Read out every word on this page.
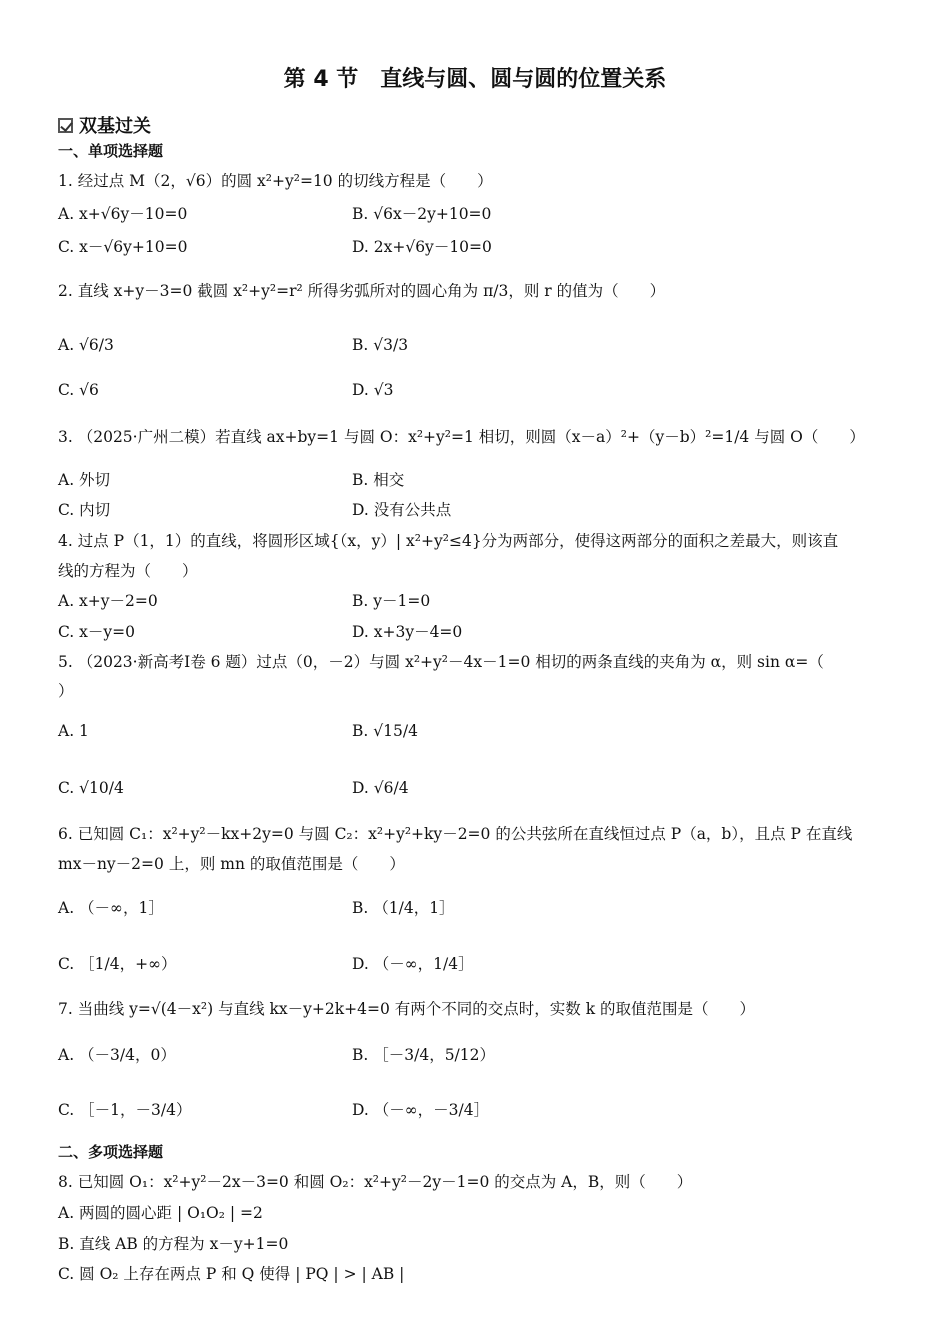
第 4 节　直线与圆、圆与圆的位置关系
双基过关
一、单项选择题
1. 经过点 M（2，√6）的圆 x²+y²=10 的切线方程是（　　）
A. x+√6y－10=0	B. √6x－2y+10=0
C. x－√6y+10=0	D. 2x+√6y－10=0
2. 直线 x+y－3=0 截圆 x²+y²=r² 所得劣弧所对的圆心角为 π/3，则 r 的值为（　　）
A. √6/3	B. √3/3
C. √6	D. √3
3. （2025·广州二模）若直线 ax+by=1 与圆 O：x²+y²=1 相切，则圆（x－a）²+（y－b）²=1/4 与圆 O（　　）
A. 外切	B. 相交
C. 内切	D. 没有公共点
4. 过点 P（1，1）的直线，将圆形区域{（x，y）| x²+y²≤4}分为两部分，使得这两部分的面积之差最大，则该直
线的方程为（　　）
A. x+y－2=0	B. y－1=0
C. x－y=0	D. x+3y－4=0
5. （2023·新高考Ⅰ卷 6 题）过点（0，－2）与圆 x²+y²－4x－1=0 相切的两条直线的夹角为 α，则 sin α=（
）
A. 1	B. √15/4
C. √10/4	D. √6/4
6. 已知圆 C₁：x²+y²－kx+2y=0 与圆 C₂：x²+y²+ky－2=0 的公共弦所在直线恒过点 P（a，b），且点 P 在直线
mx－ny－2=0 上，则 mn 的取值范围是（　　）
A. （－∞，1］	B. （1/4，1］
C. ［1/4，+∞）	D. （－∞，1/4］
7. 当曲线 y=√(4－x²) 与直线 kx－y+2k+4=0 有两个不同的交点时，实数 k 的取值范围是（　　）
A. （－3/4，0）	B. ［－3/4，5/12）
C. ［－1，－3/4）	D. （－∞，－3/4］
二、多项选择题
8. 已知圆 O₁：x²+y²－2x－3=0 和圆 O₂：x²+y²－2y－1=0 的交点为 A，B，则（　　）
A. 两圆的圆心距 | O₁O₂ | =2
B. 直线 AB 的方程为 x－y+1=0
C. 圆 O₂ 上存在两点 P 和 Q 使得 | PQ | > | AB |
